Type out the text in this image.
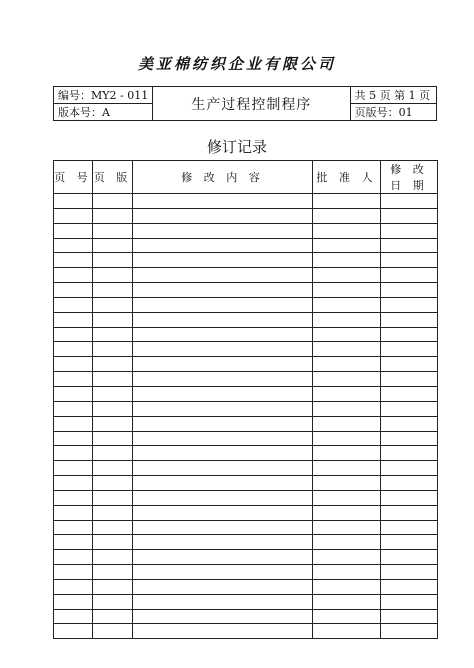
美亚棉纺织企业有限公司
编号：MY2 - 011	生产过程控制程序	共 5 页 第 1 页
版本号：A		页版号：01
修订记录
页 号	页 版	修 改 内 容	批 准 人	修 改 日 期
